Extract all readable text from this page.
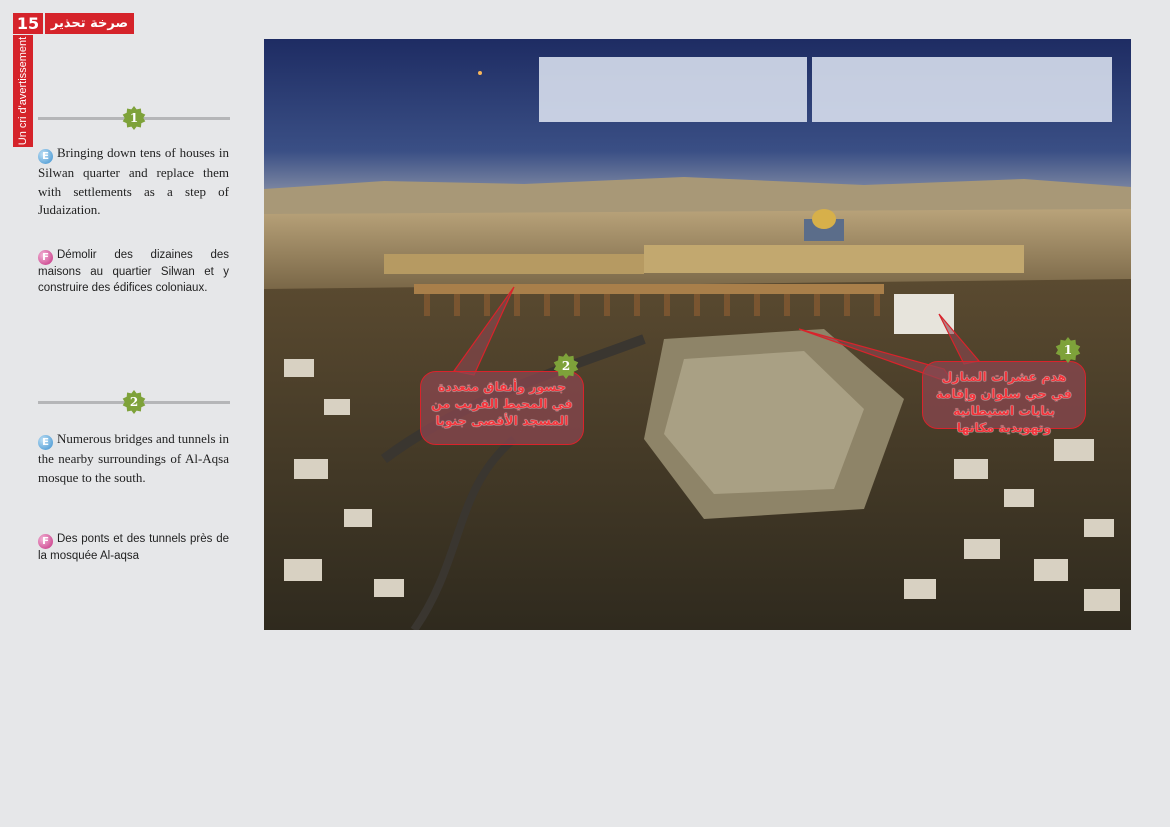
15 صرخة تحذير
Un cri d'avertissement	1
E Bringing down tens of houses in Silwan quarter and replace them with settlements as a step of Judaization.
F Démolir des dizaines des maisons au quartier Silwan et y construire des édifices coloniaux.
2
E Numerous bridges and tunnels in the nearby surroundings of Al-Aqsa mosque to the south.
F Des ponts et des tunnels près de la mosquée Al-aqsa
جسور وأنفاق متعددة في المحيط القريب من المسجد الأقصى جنوبا
2
هدم عشرات المنازل في حي سلوان وإقامة بنايات استيطانية وتهويدية مكانها
1
